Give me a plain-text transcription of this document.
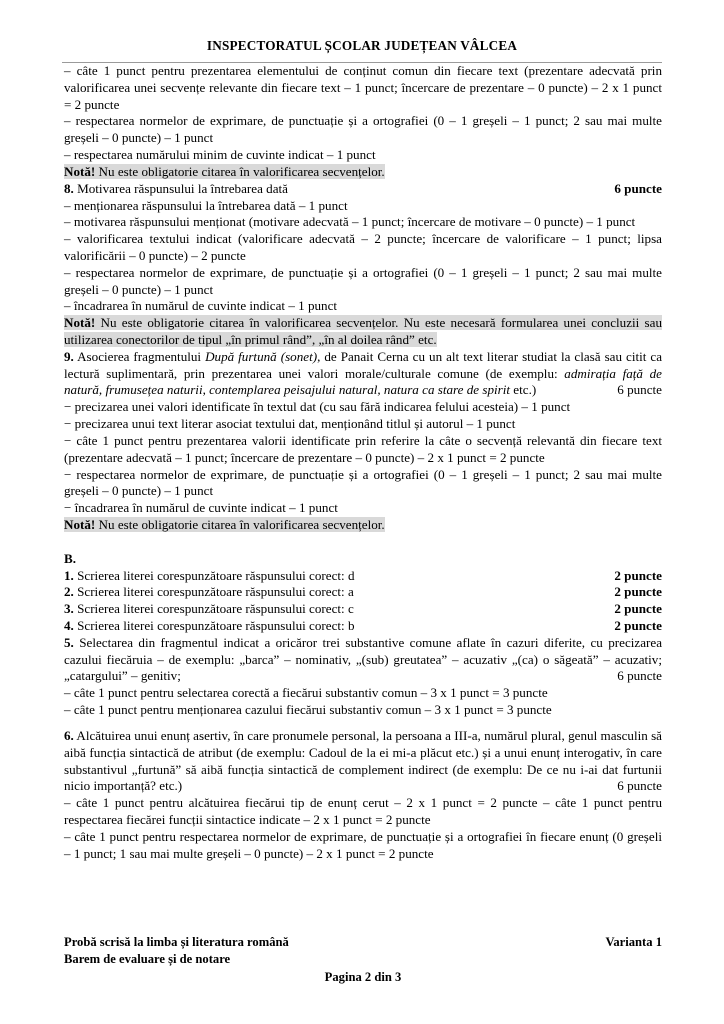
INSPECTORATUL ȘCOLAR JUDEȚEAN VÂLCEA

– câte 1 punct pentru prezentarea elementului de conținut comun din fiecare text (prezentare adecvată prin valorificarea unei secvențe relevante din fiecare text – 1 punct; încercare de prezentare – 0 puncte) – 2 x 1 punct = 2 puncte

– respectarea normelor de exprimare, de punctuație și a ortografiei (0 – 1 greșeli – 1 punct; 2 sau mai multe greșeli – 0 puncte) – 1 punct

– respectarea numărului minim de cuvinte indicat – 1 punct

Notă! Nu este obligatorie citarea în valorificarea secvențelor.

8. Motivarea răspunsului la întrebarea dată	6 puncte

– menționarea răspunsului la întrebarea dată – 1 punct

– motivarea răspunsului menționat (motivare adecvată – 1 punct; încercare de motivare – 0 puncte) – 1 punct

– valorificarea textului indicat (valorificare adecvată – 2 puncte; încercare de valorificare – 1 punct; lipsa valorificării – 0 puncte) – 2 puncte

– respectarea normelor de exprimare, de punctuație și a ortografiei (0 – 1 greșeli – 1 punct; 2 sau mai multe greșeli – 0 puncte) – 1 punct

– încadrarea în numărul de cuvinte indicat – 1 punct

Notă! Nu este obligatorie citarea în valorificarea secvențelor. Nu este necesară formularea unei concluzii sau utilizarea conectorilor de tipul „în primul rând”, „în al doilea rând” etc.

9. Asocierea fragmentului După furtună (sonet), de Panait Cerna cu un alt text literar studiat la clasă sau citit ca lectură suplimentară, prin prezentarea unei valori morale/culturale comune (de exemplu: admirația față de natură, frumusețea naturii, contemplarea peisajului natural, natura ca stare de spirit etc.)	6 puncte

− precizarea unei valori identificate în textul dat (cu sau fără indicarea felului acesteia) – 1 punct

− precizarea unui text literar asociat textului dat, menționând titlul și autorul – 1 punct

− câte 1 punct pentru prezentarea valorii identificate prin referire la câte o secvență relevantă din fiecare text (prezentare adecvată – 1 punct; încercare de prezentare – 0 puncte) – 2 x 1 punct = 2 puncte

− respectarea normelor de exprimare, de punctuație și a ortografiei (0 – 1 greșeli – 1 punct; 2 sau mai multe greșeli – 0 puncte) – 1 punct

− încadrarea în numărul de cuvinte indicat – 1 punct

Notă! Nu este obligatorie citarea în valorificarea secvențelor.

B.

1. Scrierea literei corespunzătoare răspunsului corect: d	2 puncte
2. Scrierea literei corespunzătoare răspunsului corect: a	2 puncte
3. Scrierea literei corespunzătoare răspunsului corect: c	2 puncte
4. Scrierea literei corespunzătoare răspunsului corect: b	2 puncte

5. Selectarea din fragmentul indicat a oricăror trei substantive comune aflate în cazuri diferite, cu precizarea cazului fiecăruia – de exemplu: „barca” – nominativ, „(sub) greutatea” – acuzativ „(ca) o săgeată” – acuzativ; „catargului” – genitiv;	6 puncte

– câte 1 punct pentru selectarea corectă a fiecărui substantiv comun – 3 x 1 punct = 3 puncte

– câte 1 punct pentru menționarea cazului fiecărui substantiv comun – 3 x 1 punct = 3 puncte

6. Alcătuirea unui enunț asertiv, în care pronumele personal, la persoana a III-a, numărul plural, genul masculin să aibă funcția sintactică de atribut (de exemplu: Cadoul de la ei mi-a plăcut etc.) și a unui enunț interogativ, în care substantivul „furtună” să aibă funcția sintactică de complement indirect (de exemplu: De ce nu i-ai dat furtunii nicio importanță? etc.)	6 puncte

– câte 1 punct pentru alcătuirea fiecărui tip de enunț cerut – 2 x 1 punct = 2 puncte – câte 1 punct pentru respectarea fiecărei funcții sintactice indicate – 2 x 1 punct = 2 puncte

– câte 1 punct pentru respectarea normelor de exprimare, de punctuație și a ortografiei în fiecare enunț (0 greșeli – 1 punct; 1 sau mai multe greșeli – 0 puncte) – 2 x 1 punct = 2 puncte

Probă scrisă la limba și literatura română	Varianta 1
Barem de evaluare și de notare
Pagina 2 din 3
